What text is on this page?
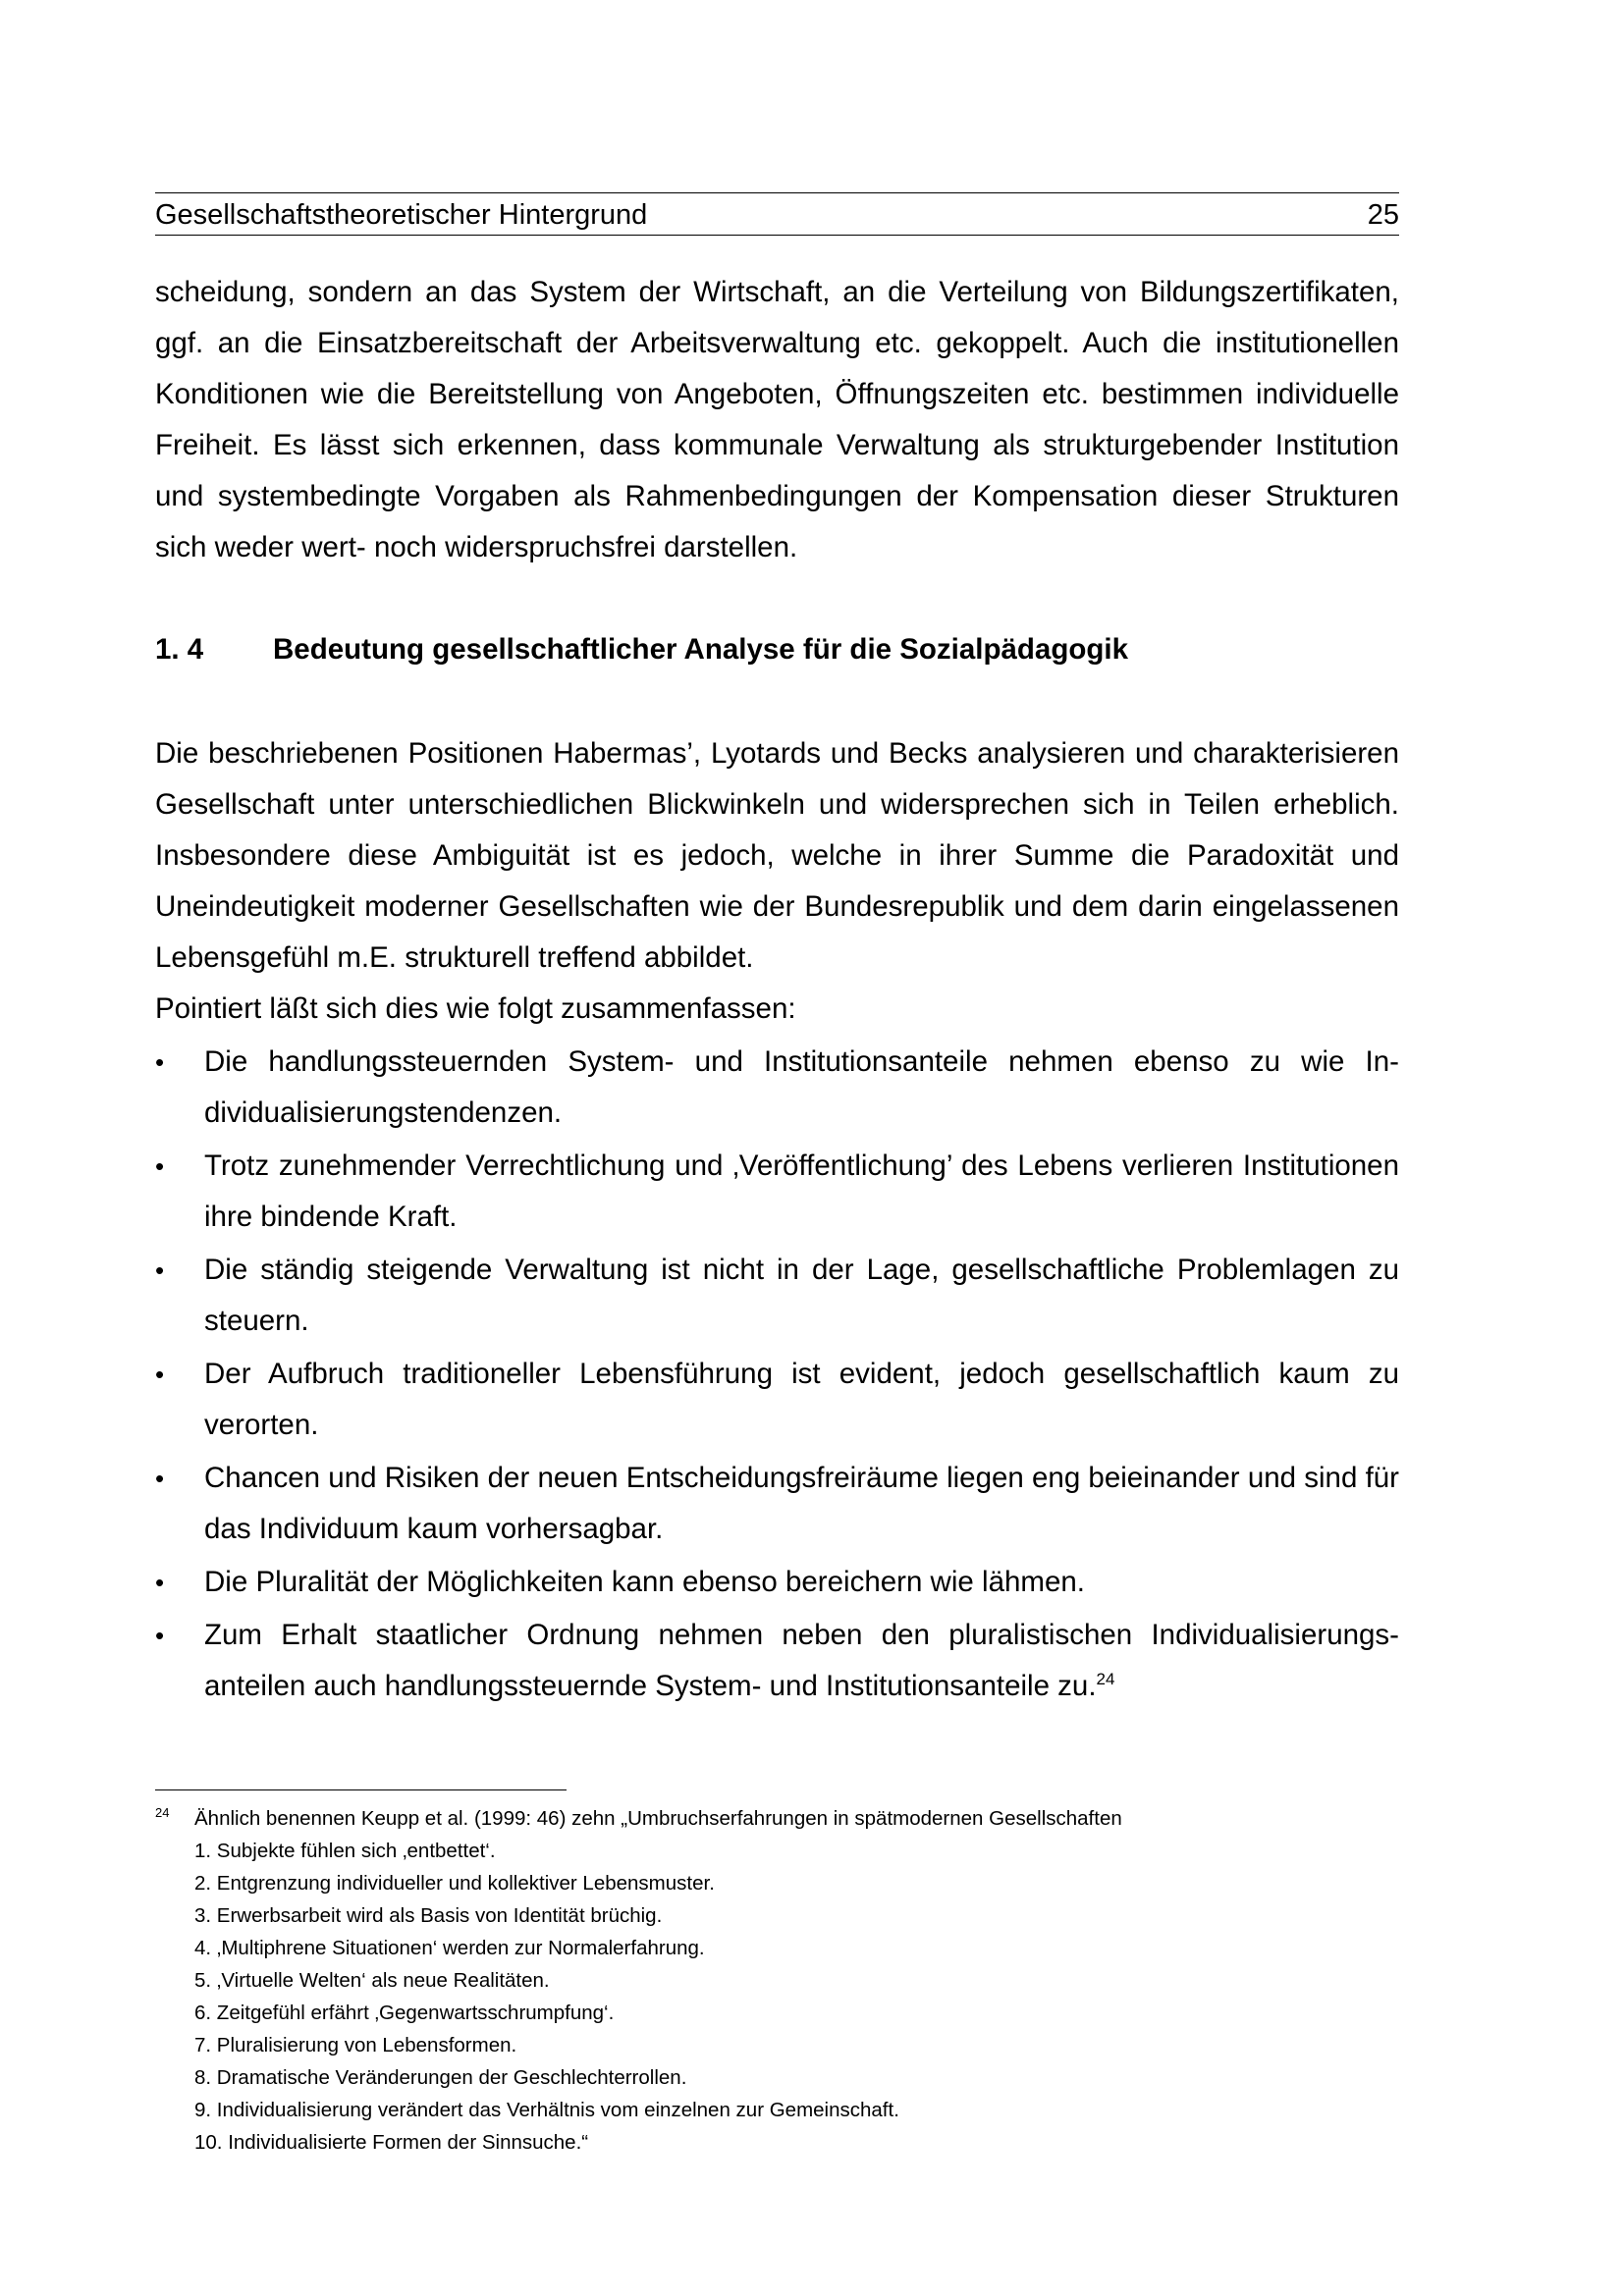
Gesellschaftstheoretischer Hintergrund	25

scheidung, sondern an das System der Wirtschaft, an die Verteilung von Bildungszertifikaten, ggf. an die Einsatzbereitschaft der Arbeitsverwaltung etc. gekoppelt. Auch die institutionellen Konditionen wie die Bereitstellung von Angeboten, Öffnungszeiten etc. bestimmen individuelle Freiheit. Es lässt sich erkennen, dass kommunale Verwaltung als strukturgebender Institution und systembedingte Vorgaben als Rahmenbedingungen der Kompensation dieser Strukturen sich weder wert- noch widerspruchsfrei darstellen.

1. 4	Bedeutung gesellschaftlicher Analyse für die Sozialpädagogik

Die beschriebenen Positionen Habermas’, Lyotards und Becks analysieren und charakterisieren Gesellschaft unter unterschiedlichen Blickwinkeln und widersprechen sich in Teilen erheblich. Insbesondere diese Ambiguität ist es jedoch, welche in ihrer Summe die Paradoxität und Uneindeutigkeit moderner Gesellschaften wie der Bundesrepublik und dem darin eingelassenen Lebensgefühl m.E. strukturell treffend abbildet.

Pointiert läßt sich dies wie folgt zusammenfassen:

• Die handlungssteuernden System- und Institutionsanteile nehmen ebenso zu wie Individualisierungstendenzen.
• Trotz zunehmender Verrechtlichung und ‚Veröffentlichung’ des Lebens verlieren Institutionen ihre bindende Kraft.
• Die ständig steigende Verwaltung ist nicht in der Lage, gesellschaftliche Problemlagen zu steuern.
• Der Aufbruch traditioneller Lebensführung ist evident, jedoch gesellschaftlich kaum zu verorten.
• Chancen und Risiken der neuen Entscheidungsfreiräume liegen eng beieinander und sind für das Individuum kaum vorhersagbar.
• Die Pluralität der Möglichkeiten kann ebenso bereichern wie lähmen.
• Zum Erhalt staatlicher Ordnung nehmen neben den pluralistischen Individualisierungsanteilen auch handlungssteuernde System- und Institutionsanteile zu.$^{24}$
24	Ähnlich benennen Keupp et al. (1999: 46) zehn „Umbruchserfahrungen in spätmodernen Gesellschaften
1. Subjekte fühlen sich ‚entbettet‘.
2. Entgrenzung individueller und kollektiver Lebensmuster.
3. Erwerbsarbeit wird als Basis von Identität brüchig.
4. ‚Multiphrene Situationen‘ werden zur Normalerfahrung.
5. ‚Virtuelle Welten‘ als neue Realitäten.
6. Zeitgefühl erfährt ‚Gegenwartsschrumpfung‘.
7. Pluralisierung von Lebensformen.
8. Dramatische Veränderungen der Geschlechterrollen.
9. Individualisierung verändert das Verhältnis vom einzelnen zur Gemeinschaft.
10. Individualisierte Formen der Sinnsuche.“
